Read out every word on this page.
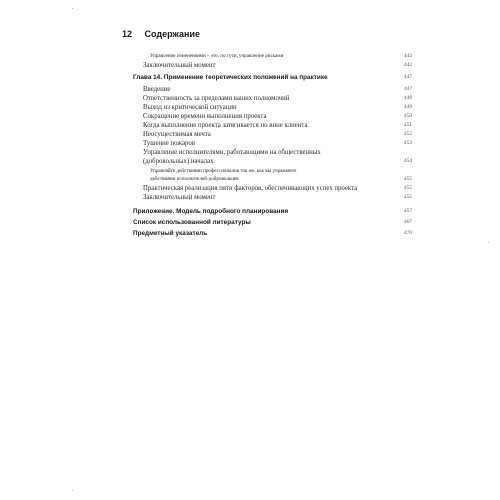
12 Содержание
Управление изменениями – это, по сути, управление рисками	442
Заключительный момент	442
Глава 14. Применение теоретических положений на практике	447
Введение	447
Ответственность за пределами ваших полномочий	448
Выход из критической ситуации	449
Сокращение времени выполнения проекта	450
Когда выполнение проекта затягивается по вине клиента	451
Неосуществимая мечта	452
Тушение пожаров	453
Управление исполнителями, работающими на общественных
(добровольных) началах	454
Управляйте действиями профессионалов так же, как вы управляете
действиями исполнителей-добровольцев	455
Практическая реализация пяти факторов, обеспечивающих успех проекта	455
Заключительный момент	455
Приложение. Модель подробного планирования	457
Список использованной литературы	467
Предметный указатель	470
